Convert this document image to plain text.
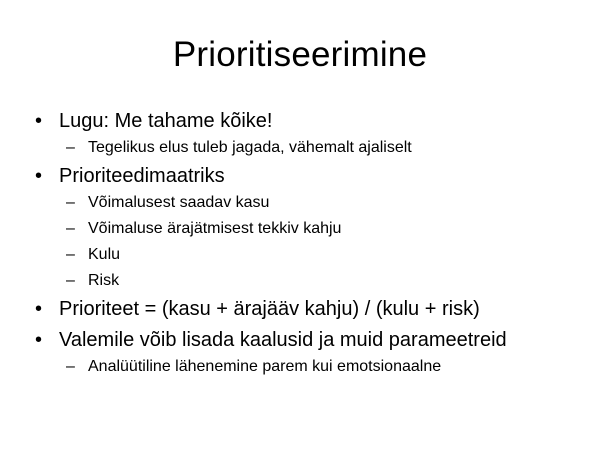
Prioritiseerimine
• Lugu: Me tahame kõike!
– Tegelikus elus tuleb jagada, vähemalt ajaliselt
• Prioriteedimaatriks
– Võimalusest saadav kasu
– Võimaluse ärajätmisest tekkiv kahju
– Kulu
– Risk
• Prioriteet = (kasu + ärajääv kahju) / (kulu + risk)
• Valemile võib lisada kaalusid ja muid parameetreid
– Analüütiline lähenemine parem kui emotsionaalne
